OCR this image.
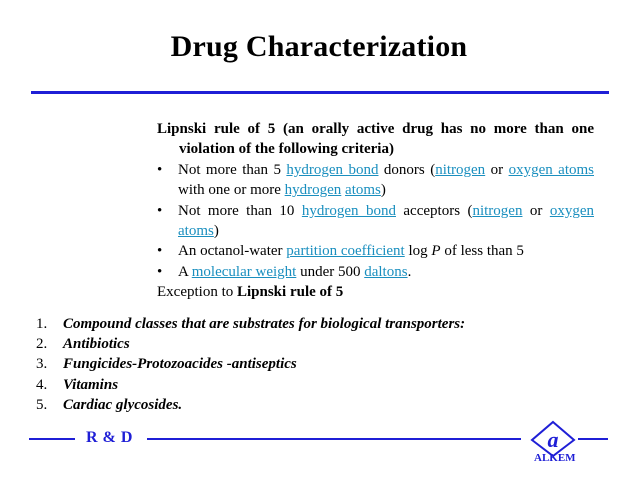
Drug Characterization

Lipnski rule of 5 (an orally active drug has no more than one violation of the following criteria)

• Not more than 5 hydrogen bond donors (nitrogen or oxygen atoms with one or more hydrogen atoms)
• Not more than 10 hydrogen bond acceptors (nitrogen or oxygen atoms)
• An octanol-water partition coefficient log P of less than 5
• A molecular weight under 500 daltons.

Exception to Lipnski rule of 5

1. Compound classes that are substrates for biological transporters:
2. Antibiotics
3. Fungicides-Protozoacides -antiseptics
4. Vitamins
5. Cardiac glycosides.
R & D	a
ALKEM
